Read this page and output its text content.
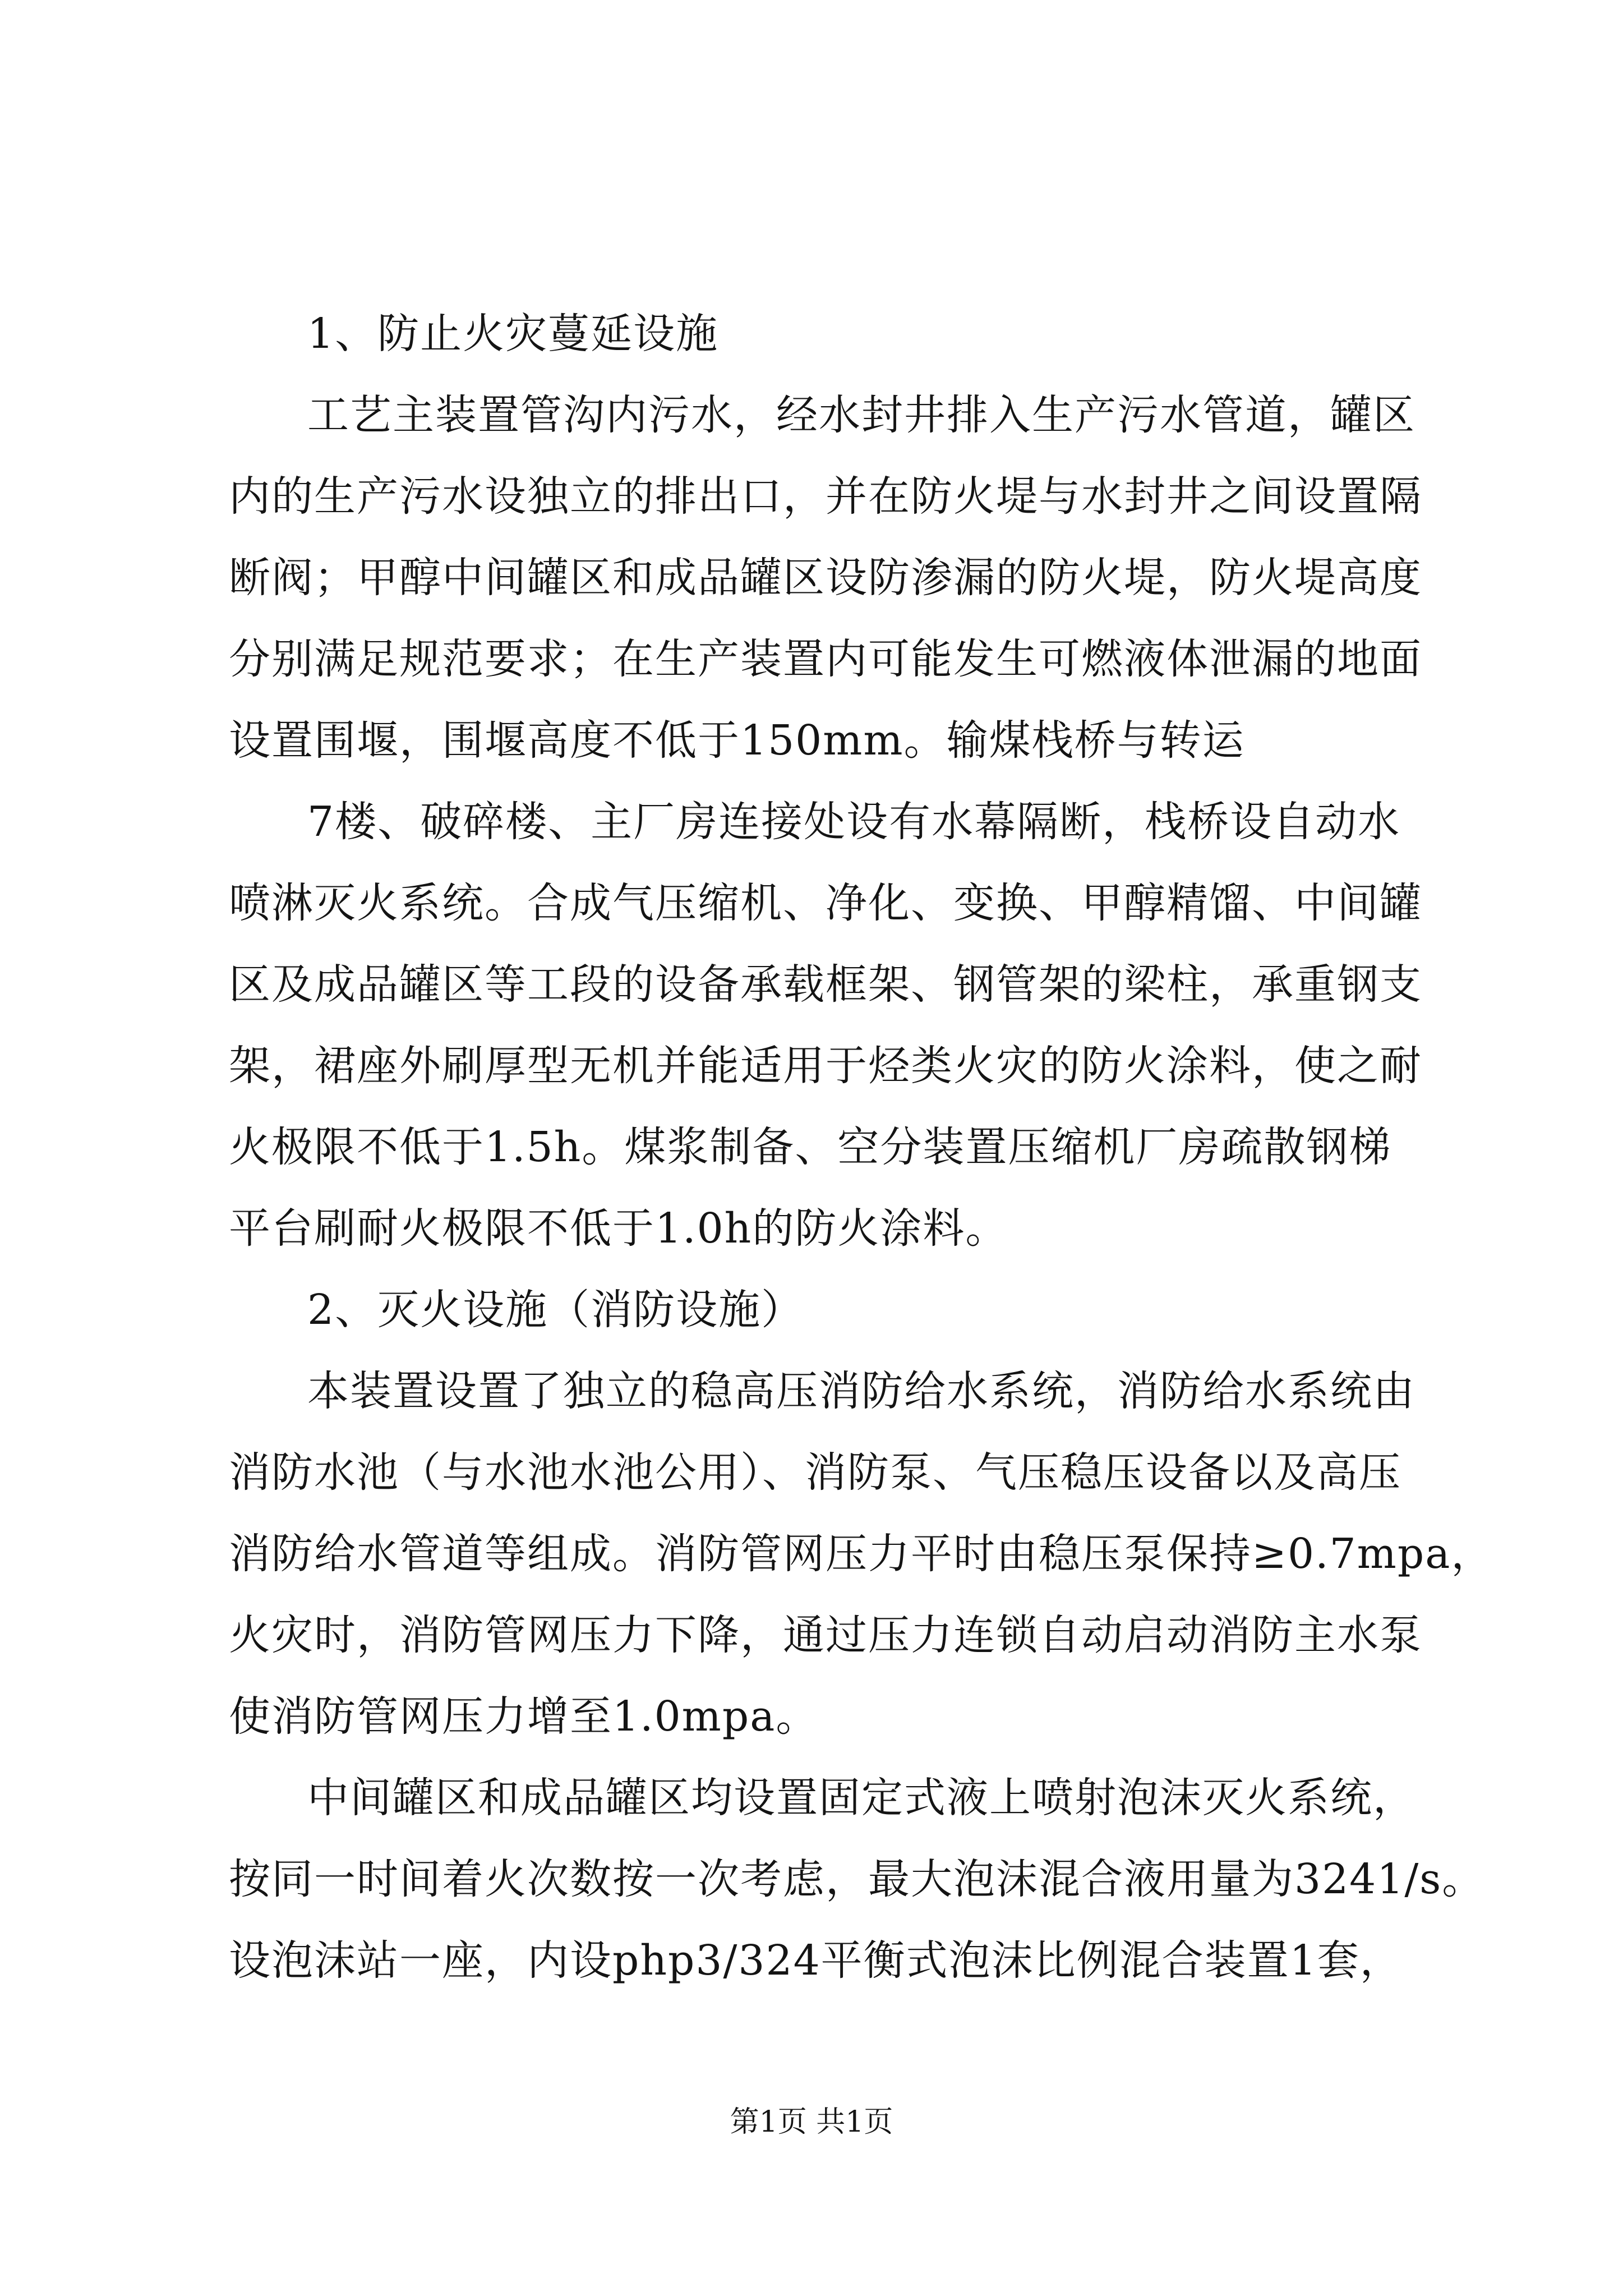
1、防止火灾蔓延设施
工艺主装置管沟内污水，经水封井排入生产污水管道，罐区
内的生产污水设独立的排出口，并在防火堤与水封井之间设置隔
断阀；甲醇中间罐区和成品罐区设防渗漏的防火堤，防火堤高度
分别满足规范要求；在生产装置内可能发生可燃液体泄漏的地面
设置围堰，围堰高度不低于150mm。输煤栈桥与转运
7楼、破碎楼、主厂房连接处设有水幕隔断，栈桥设自动水
喷淋灭火系统。合成气压缩机、净化、变换、甲醇精馏、中间罐
区及成品罐区等工段的设备承载框架、钢管架的梁柱，承重钢支
架，裙座外刷厚型无机并能适用于烃类火灾的防火涂料，使之耐
火极限不低于1.5h。煤浆制备、空分装置压缩机厂房疏散钢梯
平台刷耐火极限不低于1.0h的防火涂料。
2、灭火设施（消防设施）
本装置设置了独立的稳高压消防给水系统，消防给水系统由
消防水池（与水池水池公用）、消防泵、气压稳压设备以及高压
消防给水管道等组成。消防管网压力平时由稳压泵保持≥0.7mpa，
火灾时，消防管网压力下降，通过压力连锁自动启动消防主水泵
使消防管网压力增至1.0mpa。
中间罐区和成品罐区均设置固定式液上喷射泡沫灭火系统，
按同一时间着火次数按一次考虑，最大泡沫混合液用量为3241/s。
设泡沫站一座，内设php3/324平衡式泡沫比例混合装置1套，
第1页 共1页
